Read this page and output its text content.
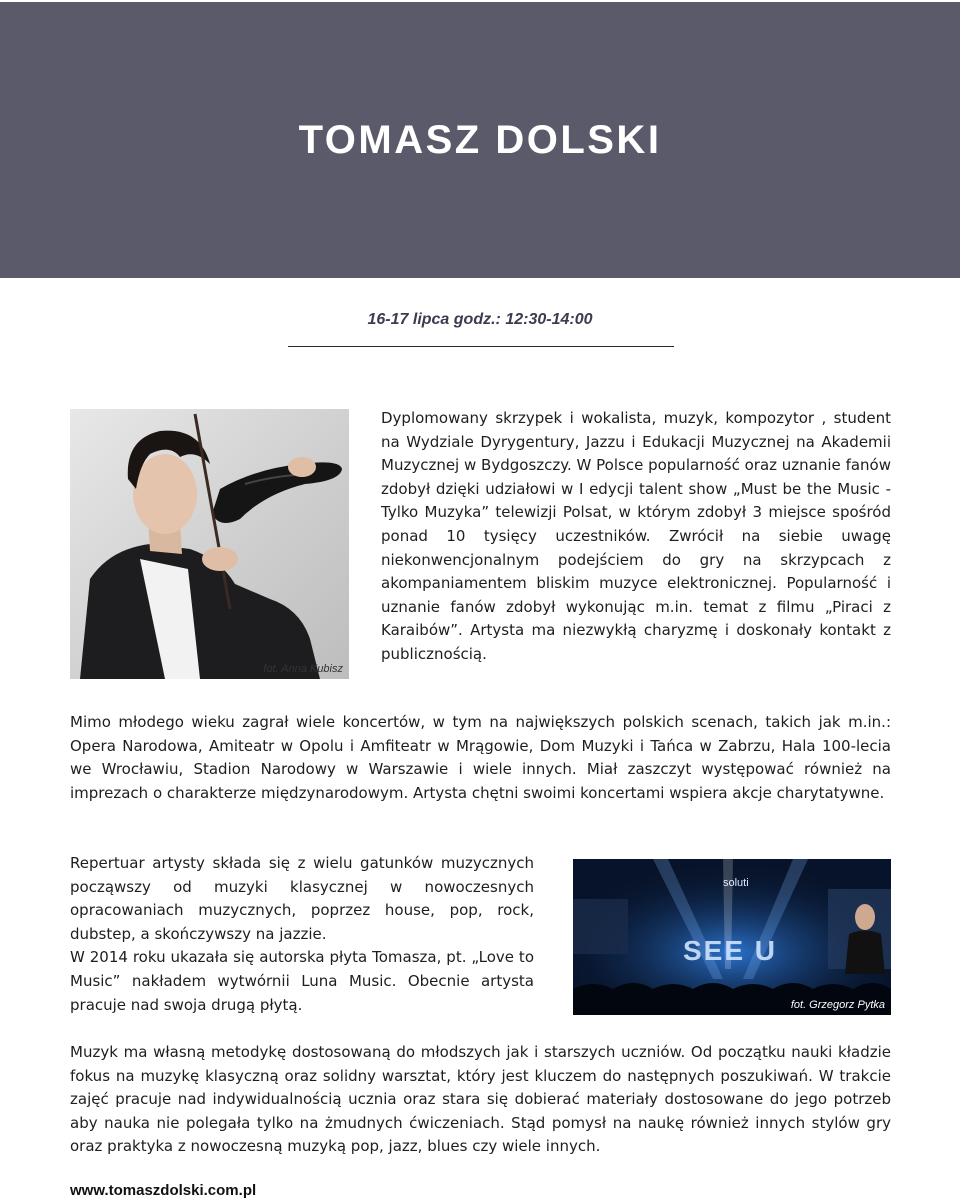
TOMASZ DOLSKI
16-17 lipca godz.: 12:30-14:00
fot. Anna Kubisz

Dyplomowany skrzypek i wokalista, muzyk, kompozytor , student na Wydziale Dyrygentury, Jazzu i Edukacji Muzycznej na Akademii Muzycznej w Bydgoszczy. W Polsce popularność oraz uznanie fanów zdobył dzięki udziałowi w I edycji talent show „Must be the Music - Tylko Muzyka” telewizji Polsat, w którym zdobył 3 miejsce spośród ponad 10 tysięcy uczestników. Zwrócił na siebie uwagę niekonwencjonalnym podejściem do gry na skrzypcach z akompaniamentem bliskim muzyce elektronicznej. Popularność i uznanie fanów zdobył wykonując m.in. temat z filmu „Piraci z Karaibów”. Artysta ma niezwykłą charyzmę i doskonały kontakt z publicznością.

Mimo młodego wieku zagrał wiele koncertów, w tym na największych polskich scenach, takich jak m.in.: Opera Narodowa, Amiteatr w Opolu i Amfiteatr w Mrągowie, Dom Muzyki i Tańca w Zabrzu, Hala 100-lecia we Wrocławiu, Stadion Narodowy w Warszawie i wiele innych. Miał zaszczyt występować również na imprezach o charakterze międzynarodowym. Artysta chętni swoimi koncertami wspiera akcje charytatywne.

Repertuar artysty składa się z wielu gatunków muzycznych począwszy od muzyki klasycznej w nowoczesnych opracowaniach muzycznych, poprzez house, pop, rock, dubstep, a skończywszy na jazzie.

W 2014 roku ukazała się autorska płyta Tomasza, pt. „Love to Music” nakładem wytwórnii Luna Music. Obecnie artysta pracuje nad swoja drugą płytą.

SEE U
soluti
fot. Grzegorz Pytka

Muzyk ma własną metodykę dostosowaną do młodszych jak i starszych uczniów. Od początku nauki kładzie fokus na muzykę klasyczną oraz solidny warsztat, który jest kluczem do następnych poszukiwań. W trakcie zajęć pracuje nad indywidualnością ucznia oraz stara się dobierać materiały dostosowane do jego potrzeb aby nauka nie polegała tylko na żmudnych ćwiczeniach. Stąd pomysł na naukę również innych stylów gry oraz praktyka z nowoczesną muzyką pop, jazz, blues czy wiele innych.

www.tomaszdolski.com.pl
